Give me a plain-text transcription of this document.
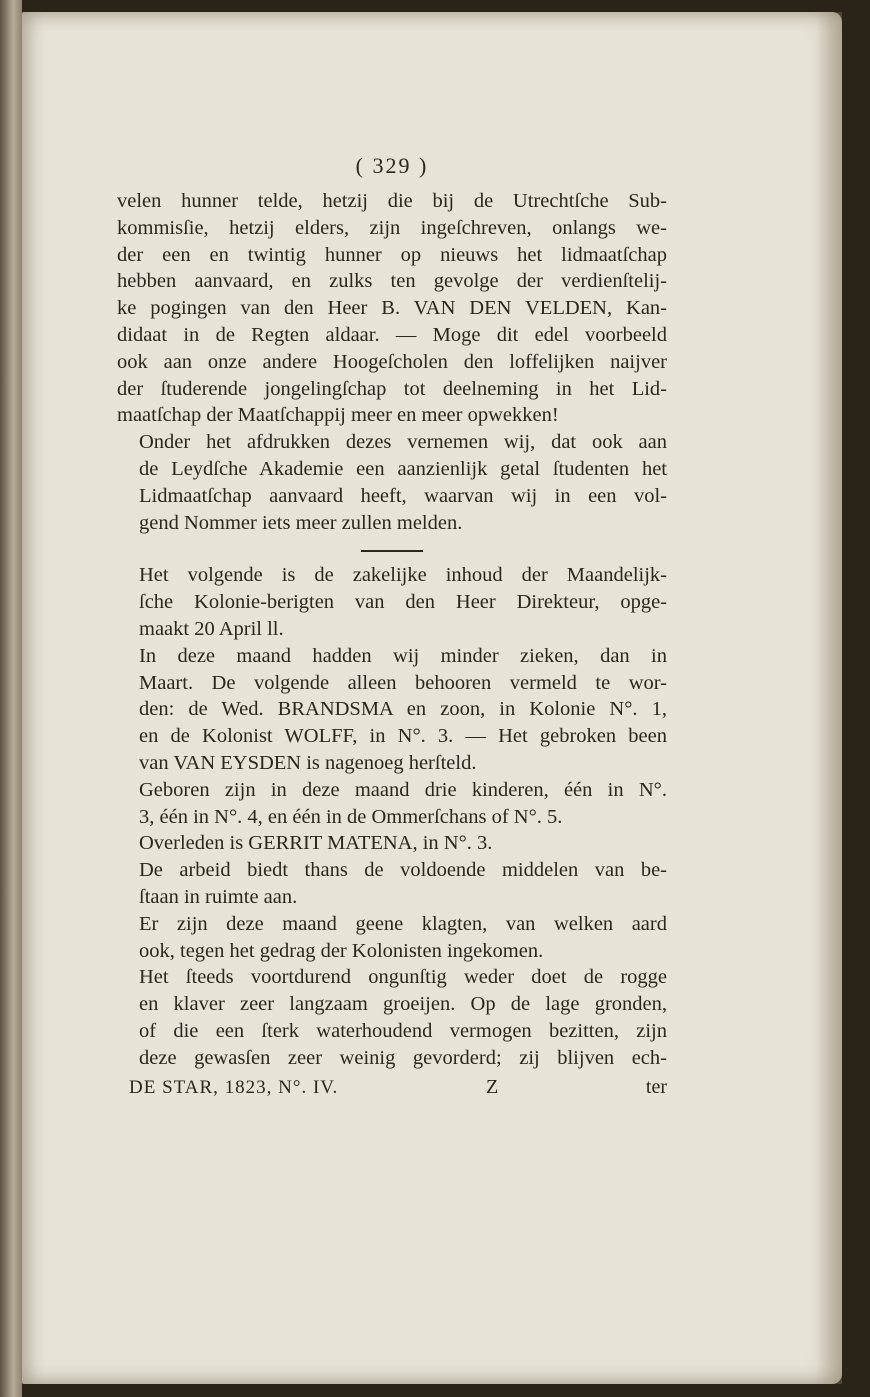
( 329 )
velen hunner telde, hetzij die bij de Utrechtſche Sub-
kommisſie, hetzij elders, zijn ingeſchreven, onlangs we-
der een en twintig hunner op nieuws het lidmaatſchap
hebben aanvaard, en zulks ten gevolge der verdienſtelij-
ke pogingen van den Heer B. VAN DEN VELDEN, Kan-
didaat in de Regten aldaar. — Moge dit edel voorbeeld
ook aan onze andere Hoogeſcholen den loffelijken naijver
der ſtuderende jongelingſchap tot deelneming in het Lid-
maatſchap der Maatſchappij meer en meer opwekken!
Onder het afdrukken dezes vernemen wij, dat ook aan
de Leydſche Akademie een aanzienlijk getal ſtudenten het
Lidmaatſchap aanvaard heeft, waarvan wij in een vol-
gend Nommer iets meer zullen melden.
Het volgende is de zakelijke inhoud der Maandelijk-
ſche Kolonie-berigten van den Heer Direkteur, opge-
maakt 20 April ll.
In deze maand hadden wij minder zieken, dan in
Maart. De volgende alleen behooren vermeld te wor-
den: de Wed. BRANDSMA en zoon, in Kolonie N°. 1,
en de Kolonist WOLFF, in N°. 3. — Het gebroken been
van VAN EYSDEN is nagenoeg herſteld.
Geboren zijn in deze maand drie kinderen, één in N°.
3, één in N°. 4, en één in de Ommerſchans of N°. 5.
Overleden is GERRIT MATENA, in N°. 3.
De arbeid biedt thans de voldoende middelen van be-
ſtaan in ruimte aan.
Er zijn deze maand geene klagten, van welken aard
ook, tegen het gedrag der Kolonisten ingekomen.
Het ſteeds voortdurend ongunſtig weder doet de rogge
en klaver zeer langzaam groeijen. Op de lage gronden,
of die een ſterk waterhoudend vermogen bezitten, zijn
deze gewasſen zeer weinig gevorderd; zij blijven ech-
DE STAR, 1823, N°. IV.	Z	ter
